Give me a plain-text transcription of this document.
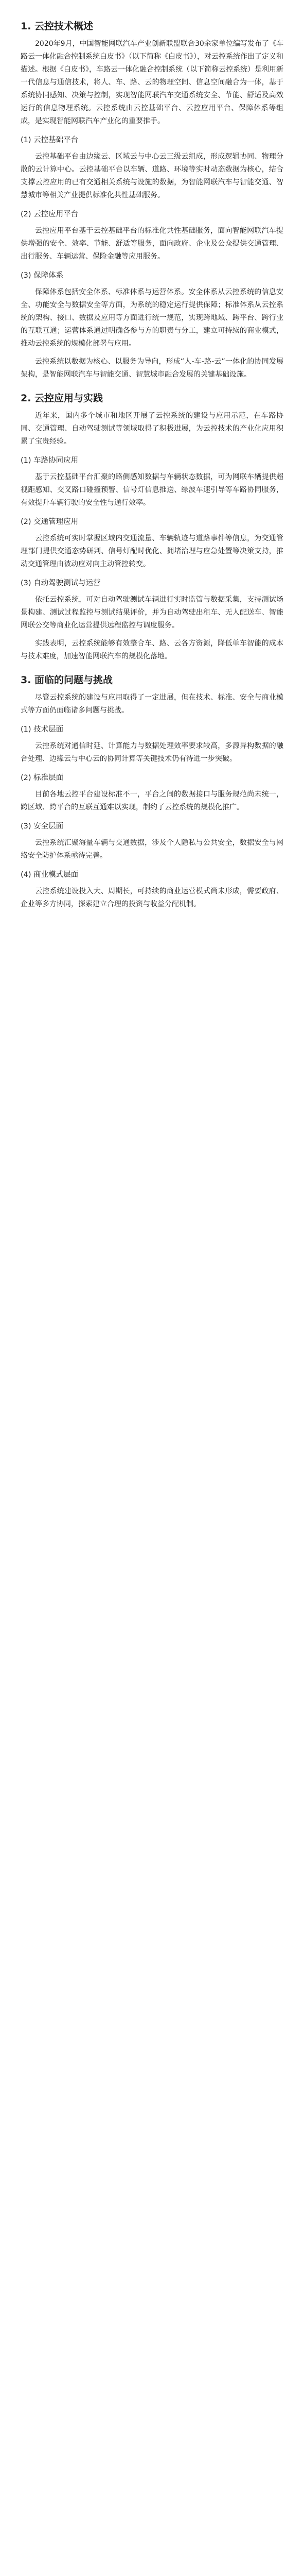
1. 云控技术概述

2020年9月，中国智能网联汽车产业创新联盟联合30余家单位编写发布了《车路云一体化融合控制系统白皮书》（以下简称《白皮书》），对云控系统作出了定义和描述。根据《白皮书》，车路云一体化融合控制系统（以下简称云控系统）是利用新一代信息与通信技术，将人、车、路、云的物理空间、信息空间融合为一体，基于系统协同感知、决策与控制，实现智能网联汽车交通系统安全、节能、舒适及高效运行的信息物理系统。云控系统由云控基础平台、云控应用平台、保障体系等组成，是实现智能网联汽车产业化的重要推手。

(1) 云控基础平台

云控基础平台由边缘云、区域云与中心云三级云组成，形成逻辑协同、物理分散的云计算中心。云控基础平台以车辆、道路、环境等实时动态数据为核心，结合支撑云控应用的已有交通相关系统与设施的数据，为智能网联汽车与智能交通、智慧城市等相关产业提供标准化共性基础服务。

(2) 云控应用平台

云控应用平台基于云控基础平台的标准化共性基础服务，面向智能网联汽车提供增强的安全、效率、节能、舒适等服务，面向政府、企业及公众提供交通管理、出行服务、车辆运营、保险金融等应用服务。

(3) 保障体系

保障体系包括安全体系、标准体系与运营体系。安全体系从云控系统的信息安全、功能安全与数据安全等方面，为系统的稳定运行提供保障；标准体系从云控系统的架构、接口、数据及应用等方面进行统一规范，实现跨地域、跨平台、跨行业的互联互通；运营体系通过明确各参与方的职责与分工，建立可持续的商业模式，推动云控系统的规模化部署与应用。

云控系统以数据为核心、以服务为导向，形成“人-车-路-云”一体化的协同发展架构，是智能网联汽车与智能交通、智慧城市融合发展的关键基础设施。

2. 云控应用与实践

近年来，国内多个城市和地区开展了云控系统的建设与应用示范，在车路协同、交通管理、自动驾驶测试等领域取得了积极进展，为云控技术的产业化应用积累了宝贵经验。

(1) 车路协同应用

基于云控基础平台汇聚的路侧感知数据与车辆状态数据，可为网联车辆提供超视距感知、交叉路口碰撞预警、信号灯信息推送、绿波车速引导等车路协同服务，有效提升车辆行驶的安全性与通行效率。

(2) 交通管理应用

云控系统可实时掌握区域内交通流量、车辆轨迹与道路事件等信息，为交通管理部门提供交通态势研判、信号灯配时优化、拥堵治理与应急处置等决策支持，推动交通管理由被动应对向主动管控转变。

(3) 自动驾驶测试与运营

依托云控系统，可对自动驾驶测试车辆进行实时监管与数据采集，支持测试场景构建、测试过程监控与测试结果评价，并为自动驾驶出租车、无人配送车、智能网联公交等商业化运营提供远程监控与调度服务。

实践表明，云控系统能够有效整合车、路、云各方资源，降低单车智能的成本与技术难度，加速智能网联汽车的规模化落地。

3. 面临的问题与挑战

尽管云控系统的建设与应用取得了一定进展，但在技术、标准、安全与商业模式等方面仍面临诸多问题与挑战。

(1) 技术层面

云控系统对通信时延、计算能力与数据处理效率要求较高，多源异构数据的融合处理、边缘云与中心云的协同计算等关键技术仍有待进一步突破。

(2) 标准层面

目前各地云控平台建设标准不一，平台之间的数据接口与服务规范尚未统一，跨区域、跨平台的互联互通难以实现，制约了云控系统的规模化推广。

(3) 安全层面

云控系统汇聚海量车辆与交通数据，涉及个人隐私与公共安全，数据安全与网络安全防护体系亟待完善。

(4) 商业模式层面

云控系统建设投入大、周期长，可持续的商业运营模式尚未形成，需要政府、企业等多方协同，探索建立合理的投资与收益分配机制。
